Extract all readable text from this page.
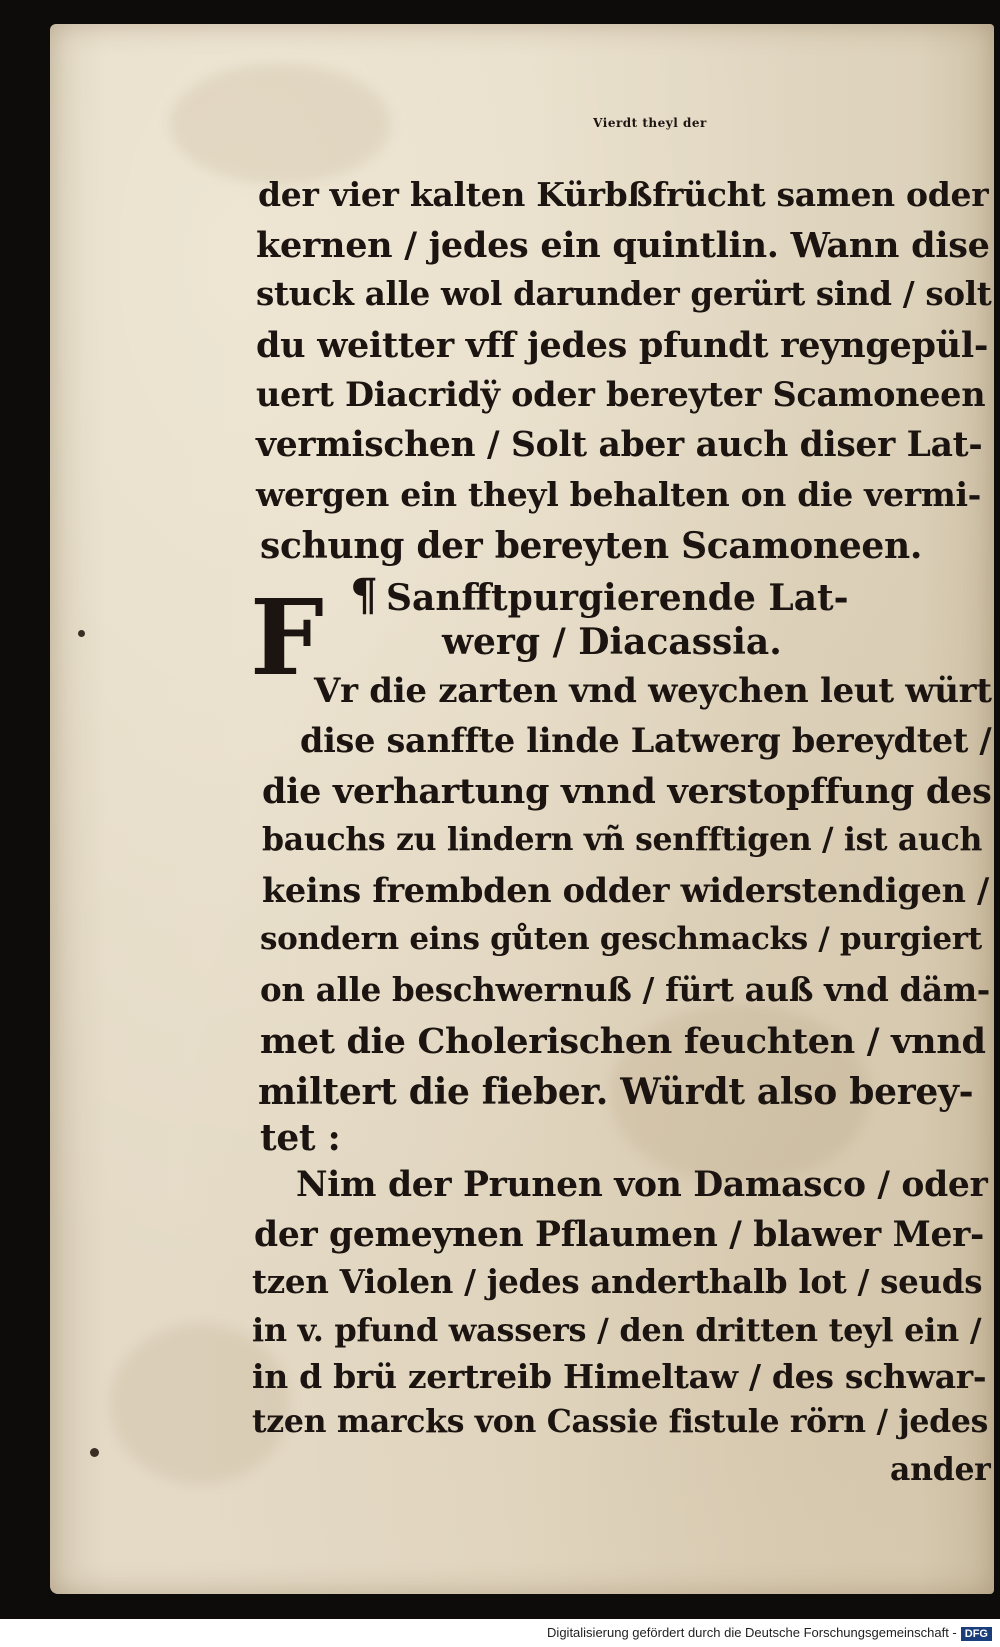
Vierdt theyl der
der vier kalten Kürbßfrücht samen oder
kernen / jedes ein quintlin. Wann dise
stuck alle wol darunder gerürt sind / solt
du weitter vff jedes pfundt reyngepül-
uert Diacridÿ oder bereyter Scamoneen
vermischen / Solt aber auch diser Lat-
wergen ein theyl behalten on die vermi-
schung der bereyten Scamoneen.
¶ Sanfftpurgierende Lat-
werg / Diacassia.
F
Vr die zarten vnd weychen leut würt
dise sanffte linde Latwerg bereydtet /
die verhartung vnnd verstopffung des
bauchs zu lindern vñ senfftigen / ist auch
keins frembden odder widerstendigen /
sondern eins gůten geschmacks / purgiert
on alle beschwernuß / fürt auß vnd däm-
met die Cholerischen feuchten / vnnd
miltert die fieber. Würdt also berey-
tet :
Nim der Prunen von Damasco / oder
der gemeynen Pflaumen / blawer Mer-
tzen Violen / jedes anderthalb lot / seuds
in v. pfund wassers / den dritten teyl ein /
in d brü zertreib Himeltaw / des schwar-
tzen marcks von Cassie fistule rörn / jedes
ander
Digitalisierung gefördert durch die Deutsche Forschungsgemeinschaft - DFG
